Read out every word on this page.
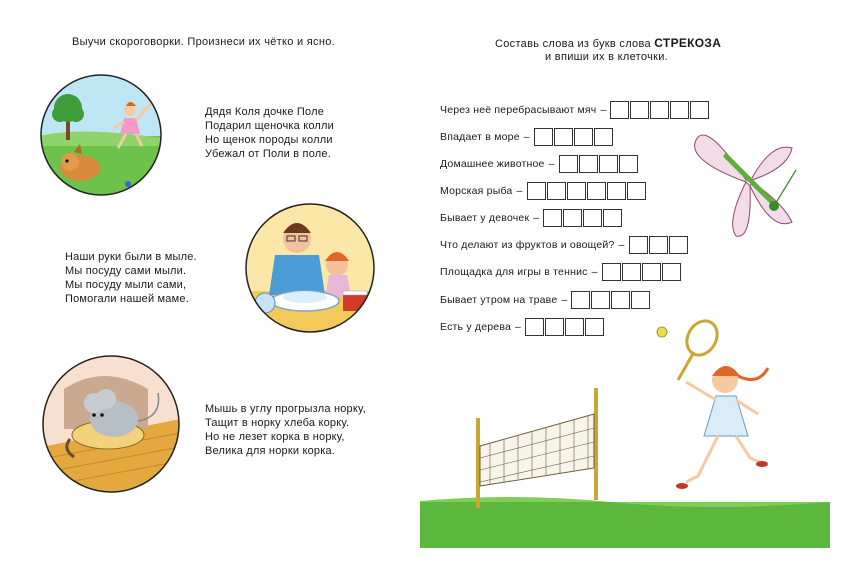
Выучи скороговорки. Произнеси их чётко и ясно.
Дядя Коля дочке Поле
Подарил щеночка колли
Но щенок породы колли
Убежал от Поли в поле.
Наши руки были в мыле.
Мы посуду сами мыли.
Мы посуду мыли сами,
Помогали нашей маме.
Мышь в углу прогрызла норку,
Тащит в норку хлеба корку.
Но не лезет корка в норку,
Велика для норки корка.
Составь слова из букв слова СТРЕКОЗА
и впиши их в клеточки.
Через неё перебрасывают мяч –
Впадает в море –
Домашнее животное –
Морская рыба –
Бывает у девочек –
Что делают из фруктов и овощей? –
Площадка для игры в теннис –
Бывает утром на траве –
Есть у дерева –
